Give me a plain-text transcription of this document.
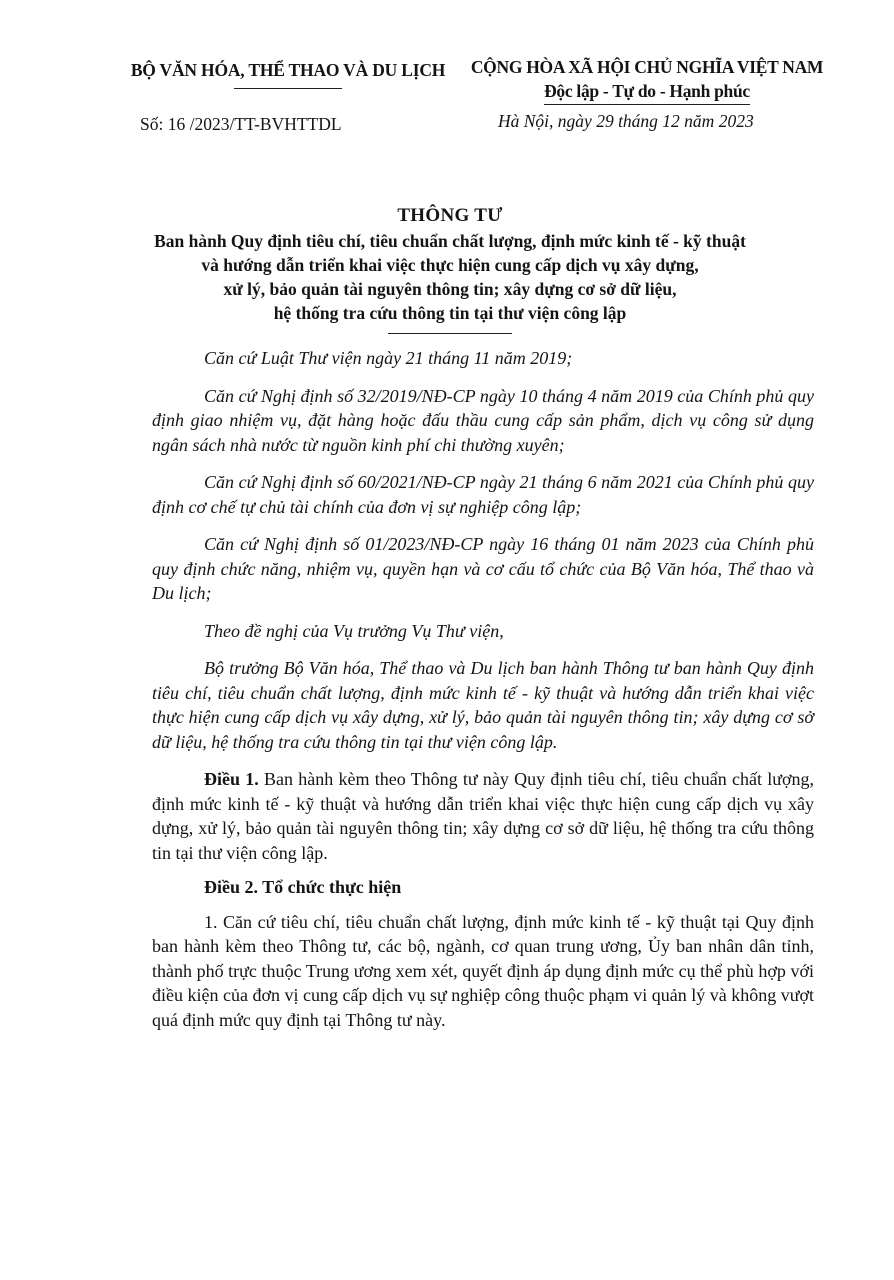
BỘ VĂN HÓA, THỂ THAO VÀ DU LỊCH	CỘNG HÒA XÃ HỘI CHỦ NGHĨA VIỆT NAM
Độc lập - Tự do - Hạnh phúc
Số: 16 /2023/TT-BVHTTDL	Hà Nội, ngày 29 tháng 12 năm 2023
THÔNG TƯ
Ban hành Quy định tiêu chí, tiêu chuẩn chất lượng, định mức kinh tế - kỹ thuật
và hướng dẫn triển khai việc thực hiện cung cấp dịch vụ xây dựng,
xử lý, bảo quản tài nguyên thông tin; xây dựng cơ sở dữ liệu,
hệ thống tra cứu thông tin tại thư viện công lập

Căn cứ Luật Thư viện ngày 21 tháng 11 năm 2019;

Căn cứ Nghị định số 32/2019/NĐ-CP ngày 10 tháng 4 năm 2019 của Chính phủ quy định giao nhiệm vụ, đặt hàng hoặc đấu thầu cung cấp sản phẩm, dịch vụ công sử dụng ngân sách nhà nước từ nguồn kinh phí chi thường xuyên;

Căn cứ Nghị định số 60/2021/NĐ-CP ngày 21 tháng 6 năm 2021 của Chính phủ quy định cơ chế tự chủ tài chính của đơn vị sự nghiệp công lập;

Căn cứ Nghị định số 01/2023/NĐ-CP ngày 16 tháng 01 năm 2023 của Chính phủ quy định chức năng, nhiệm vụ, quyền hạn và cơ cấu tổ chức của Bộ Văn hóa, Thể thao và Du lịch;

Theo đề nghị của Vụ trưởng Vụ Thư viện,

Bộ trưởng Bộ Văn hóa, Thể thao và Du lịch ban hành Thông tư ban hành Quy định tiêu chí, tiêu chuẩn chất lượng, định mức kinh tế - kỹ thuật và hướng dẫn triển khai việc thực hiện cung cấp dịch vụ xây dựng, xử lý, bảo quản tài nguyên thông tin; xây dựng cơ sở dữ liệu, hệ thống tra cứu thông tin tại thư viện công lập.

Điều 1. Ban hành kèm theo Thông tư này Quy định tiêu chí, tiêu chuẩn chất lượng, định mức kinh tế - kỹ thuật và hướng dẫn triển khai việc thực hiện cung cấp dịch vụ xây dựng, xử lý, bảo quản tài nguyên thông tin; xây dựng cơ sở dữ liệu, hệ thống tra cứu thông tin tại thư viện công lập.

Điều 2. Tổ chức thực hiện

1. Căn cứ tiêu chí, tiêu chuẩn chất lượng, định mức kinh tế - kỹ thuật tại Quy định ban hành kèm theo Thông tư, các bộ, ngành, cơ quan trung ương, Ủy ban nhân dân tỉnh, thành phố trực thuộc Trung ương xem xét, quyết định áp dụng định mức cụ thể phù hợp với điều kiện của đơn vị cung cấp dịch vụ sự nghiệp công thuộc phạm vi quản lý và không vượt quá định mức quy định tại Thông tư này.
